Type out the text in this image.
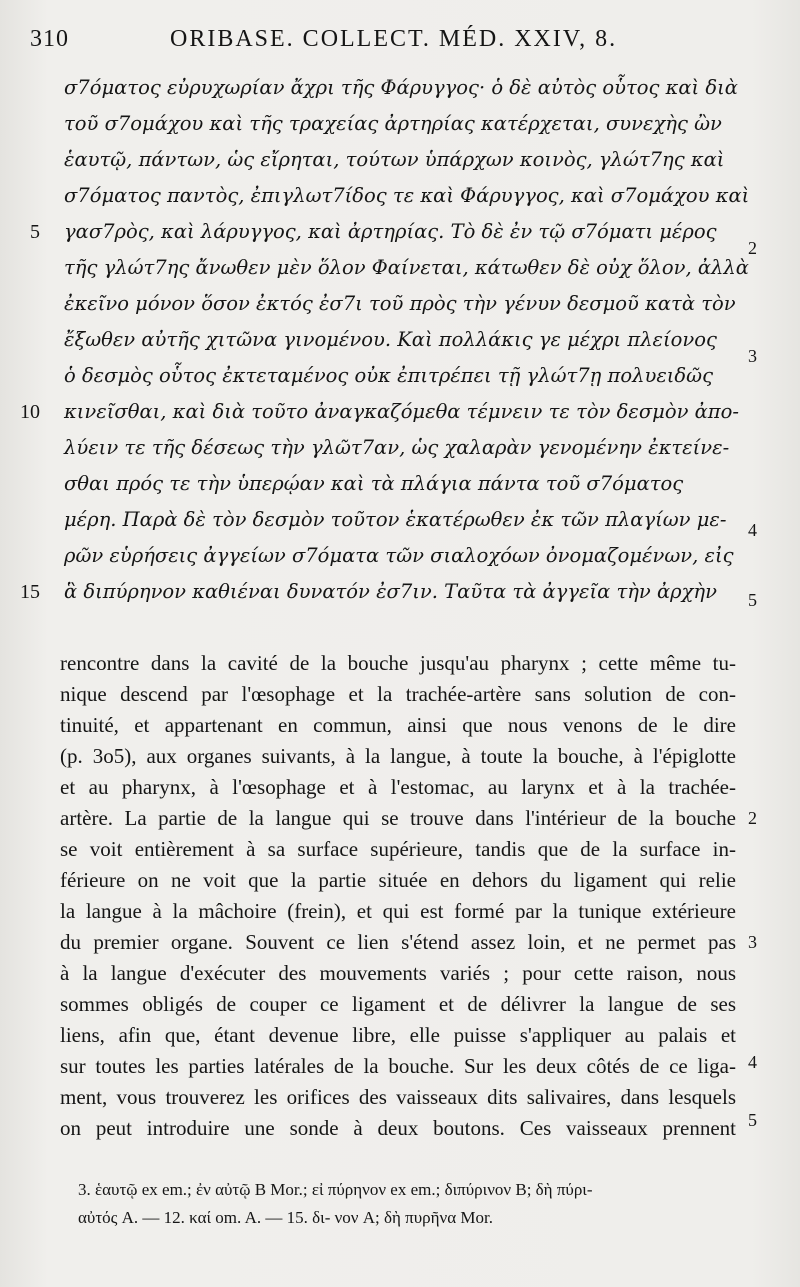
310	ORIBASE. COLLECT. MÉD. XXIV, 8.
σ7όματος εὐρυχωρίαν ἄχρι τῆς Φάρυγγος· ὁ δὲ αὐτὸς οὗτος καὶ διὰ
τοῦ σ7ομάχου καὶ τῆς τραχείας ἀρτηρίας κατέρχεται, συνεχὴς ὢν
ἑαυτῷ, πάντων, ὡς εἴρηται, τούτων ὑπάρχων κοινὸς, γλώτ7ης καὶ
σ7όματος παντὸς, ἐπιγλωτ7ίδος τε καὶ Φάρυγγος, καὶ σ7ομάχου καὶ
γασ7ρὸς, καὶ λάρυγγος, καὶ ἀρτηρίας. Τὸ δὲ ἐν τῷ σ7όματι μέρος
τῆς γλώτ7ης ἄνωθεν μὲν ὅλον Φαίνεται, κάτωθεν δὲ οὐχ ὅλον, ἀλλὰ
ἐκεῖνο μόνον ὅσον ἐκτός ἐσ7ι τοῦ πρὸς τὴν γένυν δεσμοῦ κατὰ τὸν
ἔξωθεν αὐτῆς χιτῶνα γινομένου. Καὶ πολλάκις γε μέχρι πλείονος
ὁ δεσμὸς οὗτος ἐκτεταμένος οὐκ ἐπιτρέπει τῇ γλώτ7ῃ πολυειδῶς
κινεῖσθαι, καὶ διὰ τοῦτο ἀναγκαζόμεθα τέμνειν τε τὸν δεσμὸν ἀπο-
λύειν τε τῆς δέσεως τὴν γλῶτ7αν, ὡς χαλαρὰν γενομένην ἐκτείνε-
σθαι πρός τε τὴν ὑπερῴαν καὶ τὰ πλάγια πάντα τοῦ σ7όματος
μέρη. Παρὰ δὲ τὸν δεσμὸν τοῦτον ἑκατέρωθεν ἐκ τῶν πλαγίων με-
ρῶν εὑρήσεις ἀγγείων σ7όματα τῶν σιαλοχόων ὀνομαζομένων, εἰς
ἃ διπύρηνον καθιέναι δυνατόν ἐσ7ιν. Ταῦτα τὰ ἀγγεῖα τὴν ἀρχὴν
5
10
15
2
3
4
5
rencontre dans la cavité de la bouche jusqu'au pharynx ; cette même tu-
nique descend par l'œsophage et la trachée-artère sans solution de con-
tinuité, et appartenant en commun, ainsi que nous venons de le dire
(p. 3o5), aux organes suivants, à la langue, à toute la bouche, à l'épiglotte
et au pharynx, à l'œsophage et à l'estomac, au larynx et à la trachée-
artère. La partie de la langue qui se trouve dans l'intérieur de la bouche
se voit entièrement à sa surface supérieure, tandis que de la surface in-
férieure on ne voit que la partie située en dehors du ligament qui relie
la langue à la mâchoire (frein), et qui est formé par la tunique extérieure
du premier organe. Souvent ce lien s'étend assez loin, et ne permet pas
à la langue d'exécuter des mouvements variés ; pour cette raison, nous
sommes obligés de couper ce ligament et de délivrer la langue de ses
liens, afin que, étant devenue libre, elle puisse s'appliquer au palais et
sur toutes les parties latérales de la bouche. Sur les deux côtés de ce liga-
ment, vous trouverez les orifices des vaisseaux dits salivaires, dans lesquels
on peut introduire une sonde à deux boutons. Ces vaisseaux prennent
2
3
4
5
3. ἑαυτῷ ex em.; ἐν αὐτῷ B Mor.; εἰ πύρηνον ex em.; διπύρινον B; δὴ πύρι-
αὐτός A. — 12. καί om. A. — 15. δι- νον A; δὴ πυρῆνα Mor.
